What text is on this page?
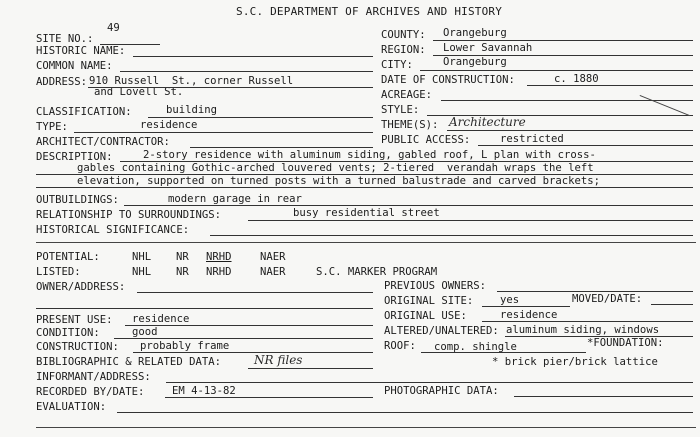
S.C. DEPARTMENT OF ARCHIVES AND HISTORY
SITE NO.:
49
HISTORIC NAME:
COMMON NAME:
ADDRESS: 910 Russell  St., corner Russell
and Lovell St.
CLASSIFICATION:	building
TYPE:	residence
ARCHITECT/CONTRACTOR:
COUNTY: Orangeburg
REGION: Lower Savannah
CITY:	Orangeburg
DATE OF CONSTRUCTION:	c. 1880
ACREAGE:
STYLE:
THEME(S): Architecture
PUBLIC ACCESS:	restricted
DESCRIPTION:	2-story residence with aluminum siding, gabled roof, L plan with cross-
gables containing Gothic-arched louvered vents; 2-tiered  verandah wraps the left
elevation, supported on turned posts with a turned balustrade and carved brackets;
OUTBUILDINGS:	modern garage in rear
RELATIONSHIP TO SURROUNDINGS:	busy residential street
HISTORICAL SIGNIFICANCE:
POTENTIAL:	NHL NR NRHD	NAER
LISTED:	NHL NR NRHD	NAER	S.C. MARKER PROGRAM
OWNER/ADDRESS:	PREVIOUS OWNERS:
ORIGINAL SITE:	yes	MOVED/DATE:
PRESENT USE: residence	ORIGINAL USE:	residence
CONDITION:	good	ALTERED/UNALTERED: aluminum siding, windows
CONSTRUCTION: probably frame	ROOF: comp. shingle	*FOUNDATION:
BIBLIOGRAPHIC & RELATED DATA:	NR files	* brick pier/brick lattice
INFORMANT/ADDRESS:
RECORDED BY/DATE:	EM 4-13-82	PHOTOGRAPHIC DATA:
EVALUATION:
